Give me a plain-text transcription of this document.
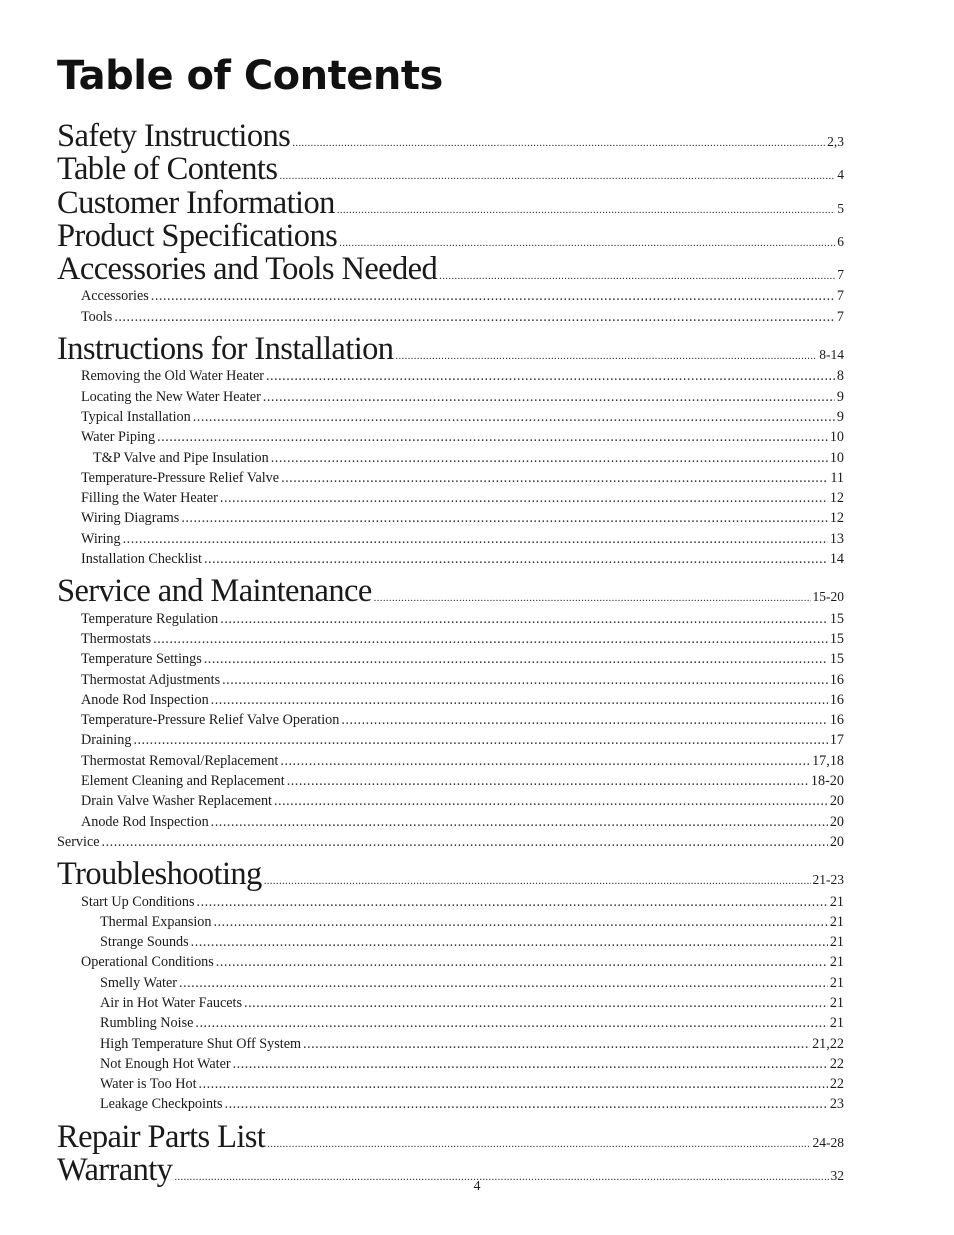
Table of Contents
Safety Instructions .....	2,3
Table of Contents .....	4
Customer Information .....	5
Product Specifications .....	6
Accessories and Tools Needed .....	7
Accessories .....	7
Tools .....	7
Instructions for Installation .....	8-14
Removing the Old Water Heater .....	8
Locating the New Water Heater .....	9
Typical Installation .....	9
Water Piping .....	10
T&P Valve and Pipe Insulation .....	10
Temperature-Pressure Relief Valve .....	11
Filling the Water Heater .....	12
Wiring Diagrams .....	12
Wiring .....	13
Installation Checklist .....	14
Service and Maintenance .....	15-20
Temperature Regulation .....	15
Thermostats .....	15
Temperature Settings .....	15
Thermostat Adjustments .....	16
Anode Rod Inspection .....	16
Temperature-Pressure Relief Valve Operation .....	16
Draining .....	17
Thermostat Removal/Replacement .....	17,18
Element Cleaning and Replacement .....	18-20
Drain Valve Washer Replacement .....	20
Anode Rod Inspection .....	20
Service .....	20
Troubleshooting .....	21-23
Start Up Conditions .....	21
Thermal Expansion .....	21
Strange Sounds .....	21
Operational Conditions .....	21
Smelly Water .....	21
Air in Hot Water Faucets .....	21
Rumbling Noise .....	21
High Temperature Shut Off System .....	21,22
Not Enough Hot Water .....	22
Water is Too Hot .....	22
Leakage Checkpoints .....	23
Repair Parts List .....	24-28
Warranty .....	32
4
